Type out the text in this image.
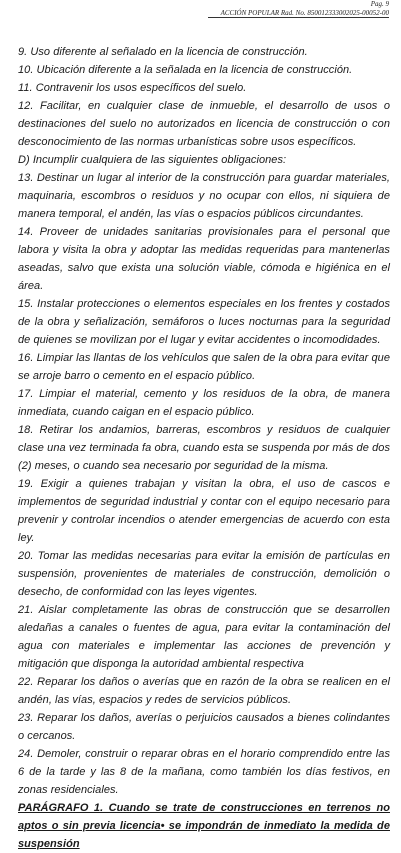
Pag. 9
ACCIÓN POPULAR Rad. No. 85001233300202​5-00052-00

9. Uso diferente al señalado en la licencia de construcción.

10. Ubicación diferente a la señalada en la licencia de construcción.

11. Contravenir los usos específicos del suelo.

12. Facilitar, en cualquier clase de inmueble, el desarrollo de usos o destinaciones del suelo no autorizados en licencia de construcción o con desconocimiento de las normas urbanísticas sobre usos específicos.

D) Incumplir cualquiera de las siguientes obligaciones:

13. Destinar un lugar al interior de la construcción para guardar materiales, maquinaria, escombros o residuos y no ocupar con ellos, ni siquiera de manera temporal, el andén, las vías o espacios públicos circundantes.

14. Proveer de unidades sanitarias provisionales para el personal que labora y visita la obra y adoptar las medidas requeridas para mantenerlas aseadas, salvo que exista una solución viable, cómoda e higiénica en el área.

15. Instalar protecciones o elementos especiales en los frentes y costados de la obra y señalización, semáforos o luces nocturnas para la seguridad de quienes se movilizan por el lugar y evitar accidentes o incomodidades.

16. Limpiar las llantas de los vehículos que salen de la obra para evitar que se arroje barro o cemento en el espacio público.

17. Limpiar el material, cemento y los residuos de la obra, de manera inmediata, cuando caigan en el espacio público.

18. Retirar los andamios, barreras, escombros y residuos de cualquier clase una vez terminada fa obra, cuando esta se suspenda por más de dos (2) meses, o cuando sea necesario por seguridad de la misma.

19. Exigir a quienes trabajan y visitan la obra, el uso de cascos e implementos de seguridad industrial y contar con el equipo necesario para prevenir y controlar incendios o atender emergencias de acuerdo con esta ley.

20. Tomar las medidas necesarias para evitar la emisión de partículas en suspensión, provenientes de materiales de construcción, demolición o desecho, de conformidad con las leyes vigentes.

21. Aislar completamente las obras de construcción que se desarrollen aledañas a canales o fuentes de agua, para evitar la contaminación del agua con materiales e implementar las acciones de prevención y mitigación que disponga la autoridad ambiental respectiva

22. Reparar los daños o averías que en razón de la obra se realicen en el andén, las vías, espacios y redes de servicios públicos.

23. Reparar los daños, averías o perjuicios causados a bienes colindantes o cercanos.

24. Demoler, construir o reparar obras en el horario comprendido entre las 6 de la tarde y las 8 de la mañana, como también los días festivos, en zonas residenciales.

PARÁGRAFO 1. Cuando se trate de construcciones en terrenos no aptos o sin previa licencia• se impondrán de inmediato la medida de suspensión
